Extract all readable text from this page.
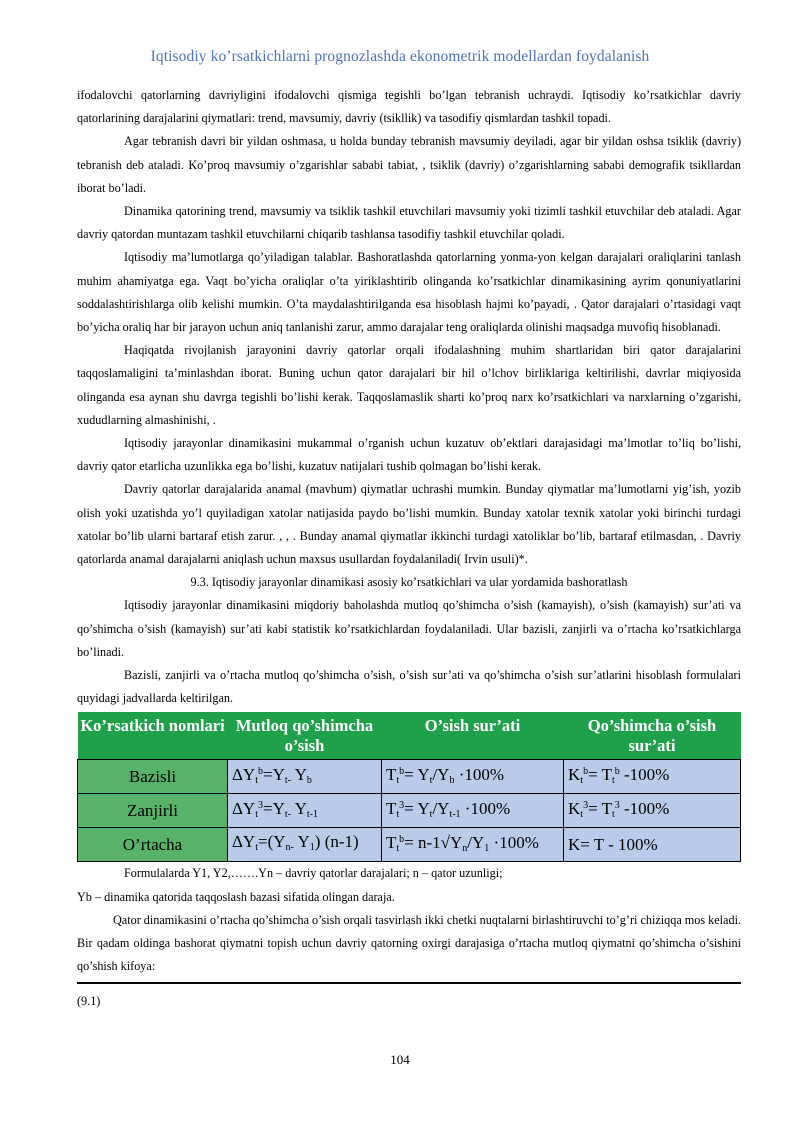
Iqtisodiy ko’rsatkichlarni prognozlashda ekonometrik modellardan foydalanish

ifodalovchi qatorlarning davriyligini ifodalovchi qismiga tegishli bo’lgan tebranish uchraydi. Iqtisodiy ko’rsatkichlar davriy qatorlarining darajalarini qiymatlari: trend, mavsumiy, davriy (tsikllik) va tasodifiy qismlardan tashkil topadi.

Agar tebranish davri bir yildan oshmasa, u holda bunday tebranish mavsumiy deyiladi, agar bir yildan oshsa tsiklik (davriy) tebranish deb ataladi. Ko’proq mavsumiy o’zgarishlar sababi tabiat, , tsiklik (davriy) o’zgarishlarning sababi demografik tsikllardan iborat bo’ladi.

Dinamika qatorining trend, mavsumiy va tsiklik tashkil etuvchilari mavsumiy yoki tizimli tashkil etuvchilar deb ataladi. Agar davriy qatordan muntazam tashkil etuvchilarni chiqarib tashlansa tasodifiy tashkil etuvchilar qoladi.

Iqtisodiy ma’lumotlarga qo’yiladigan talablar. Bashoratlashda qatorlarning yonma-yon kelgan darajalari oraliqlarini tanlash muhim ahamiyatga ega. Vaqt bo’yicha oraliqlar o’ta yiriklashtirib olinganda ko’rsatkichlar dinamikasining ayrim qonuniyatlarini soddalashtirishlarga olib kelishi mumkin. O’ta maydalashtirilganda esa hisoblash hajmi ko’payadi, . Qator darajalari o’rtasidagi vaqt bo’yicha oraliq har bir jarayon uchun aniq tanlanishi zarur, ammo darajalar teng oraliqlarda olinishi maqsadga muvofiq hisoblanadi.

Haqiqatda rivojlanish jarayonini davriy qatorlar orqali ifodalashning muhim shartlaridan biri qator darajalarini taqqoslamaligini ta’minlashdan iborat. Buning uchun qator darajalari bir hil o’lchov birliklariga keltirilishi, davrlar miqiyosida olinganda esa aynan shu davrga tegishli bo’lishi kerak. Taqqoslamaslik sharti ko’proq narx ko’rsatkichlari va narxlarning o’zgarishi, xududlarning almashinishi, .

Iqtisodiy jarayonlar dinamikasini mukammal o’rganish uchun kuzatuv ob’ektlari darajasidagi ma’lmotlar to’liq bo’lishi, davriy qator etarlicha uzunlikka ega bo’lishi, kuzatuv natijalari tushib qolmagan bo’lishi kerak.

Davriy qatorlar darajalarida anamal (mavhum) qiymatlar uchrashi mumkin. Bunday qiymatlar ma’lumotlarni yig’ish, yozib olish yoki uzatishda yo’l quyiladigan xatolar natijasida paydo bo’lishi mumkin. Bunday xatolar texnik xatolar yoki birinchi turdagi xatolar bo’lib ularni bartaraf etish zarur. , , . Bunday anamal qiymatlar ikkinchi turdagi xatoliklar bo’lib, bartaraf etilmasdan, . Davriy qatorlarda anamal darajalarni aniqlash uchun maxsus usullardan foydalaniladi( Irvin usuli)*.

9.3. Iqtisodiy jarayonlar dinamikasi asosiy ko’rsatkichlari va ular yordamida bashoratlash

Iqtisodiy jarayonlar dinamikasini miqdoriy baholashda mutloq qo’shimcha o’sish (kamayish), o’sish (kamayish) sur’ati va qo’shimcha o’sish (kamayish) sur’ati kabi statistik ko’rsatkichlardan foydalaniladi. Ular bazisli, zanjirli va o’rtacha ko’rsatkichlarga bo’linadi.

Bazisli, zanjirli va o’rtacha mutloq qo’shimcha o’sish, o’sish sur’ati va qo’shimcha o’sish sur’atlarini hisoblash formulalari quyidagi jadvallarda keltirilgan.

Ko’rsatkich nomlari	Mutloq qo’shimcha o’sish	O’sish sur’ati	Qo’shimcha o’sish sur’ati
Bazisli	$\Delta Y_t^b=Y_{t-}$ $Y_b$	$T_t^b= Y_t/Y_b \cdot 100\%$	$K_t^b= T_t^b$ -100%
Zanjirli	$\Delta Y_t^3=Y_{t-}$ $Y_{t-1}$	$T_t^3= Y_t/Y_{t-1} \cdot 100\%$	$K_t^3= T_t^3$ -100%
O’rtacha	$\Delta Y_t=(Y_{n-}$ $Y_1$) (n-1)	$T_t^b= n-1√Y_n/Y_1 \cdot 100\%$	K= T - 100%

Formulalarda Y1, Y2,…….Yn – davriy qatorlar darajalari; n – qator uzunligi;

Yb – dinamika qatorida taqqoslash bazasi sifatida olingan daraja.

Qator dinamikasini o’rtacha qo’shimcha o’sish orqali tasvirlash ikki chetki nuqtalarni birlashtiruvchi to’g’ri chiziqqa mos keladi. Bir qadam oldinga bashorat qiymatni topish uchun davriy qatorning oxirgi darajasiga o’rtacha mutloq qiymatni qo’shimcha o’sishini qo’shish kifoya:

(9.1)

104
